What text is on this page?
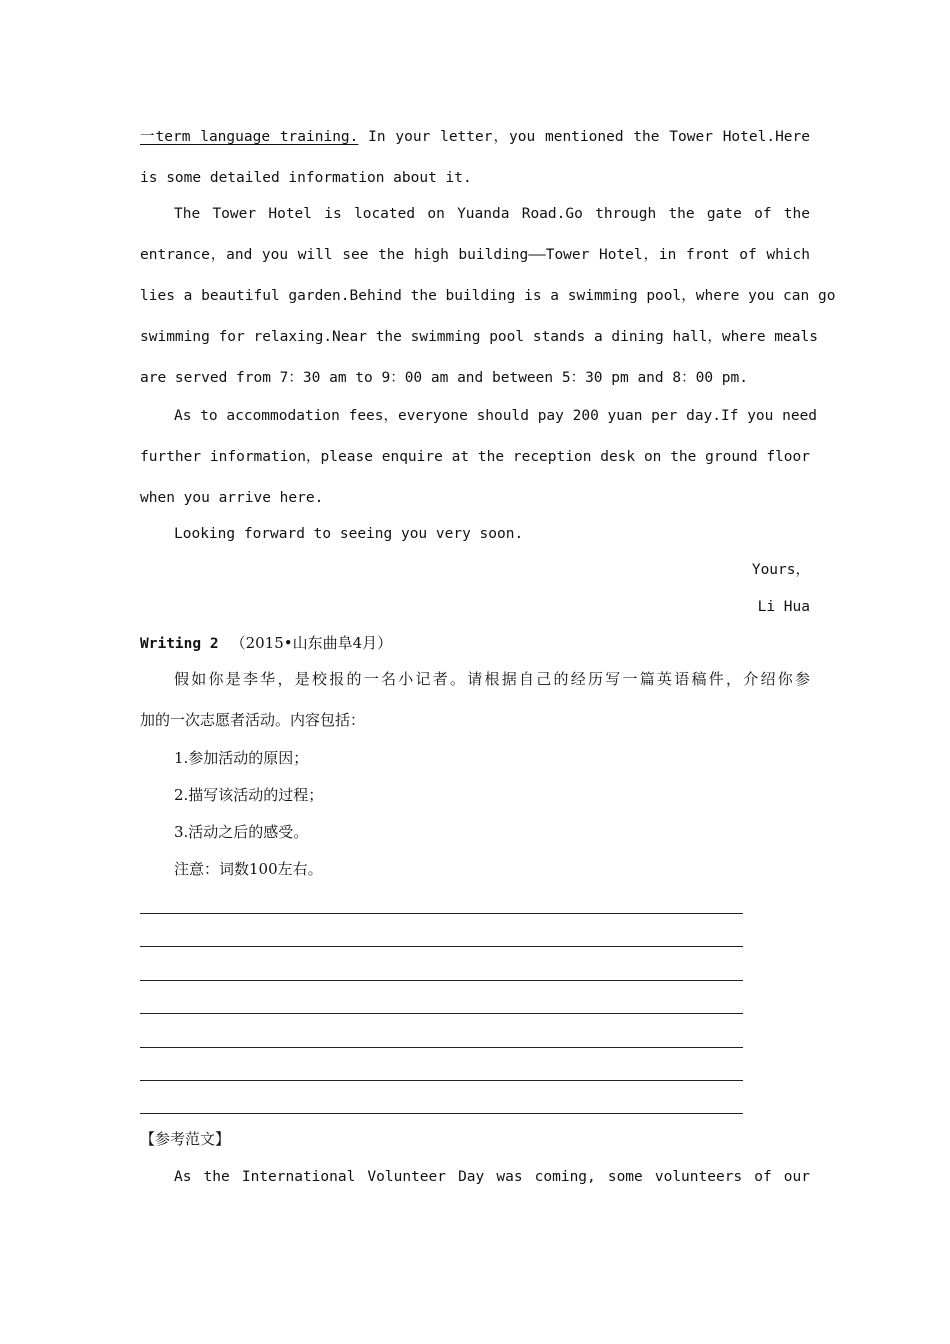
一term language training. In your letter，you mentioned the Tower Hotel.Here
is some detailed information about it.
The Tower Hotel is located on Yuanda Road.Go through the gate of the
entrance，and you will see the high building——Tower Hotel，in front of which
lies a beautiful garden.Behind the building is a swimming pool，where you can go
swimming for relaxing.Near the swimming pool stands a dining hall，where meals
are served from 7：30 am to 9：00 am and between 5：30 pm and 8：00 pm.
As to accommodation fees，everyone should pay 200 yuan per day.If you need
further information，please enquire at the reception desk on the ground floor
when you arrive here.
Looking forward to seeing you very soon.
Yours，
Li Hua
Writing 2 （2015•山东曲阜4月）
假如你是李华，是校报的一名小记者。请根据自己的经历写一篇英语稿件，介绍你参
加的一次志愿者活动。内容包括：
1.参加活动的原因；
2.描写该活动的过程；
3.活动之后的感受。
注意：词数100左右。
【参考范文】
As the International Volunteer Day was coming, some volunteers of our
